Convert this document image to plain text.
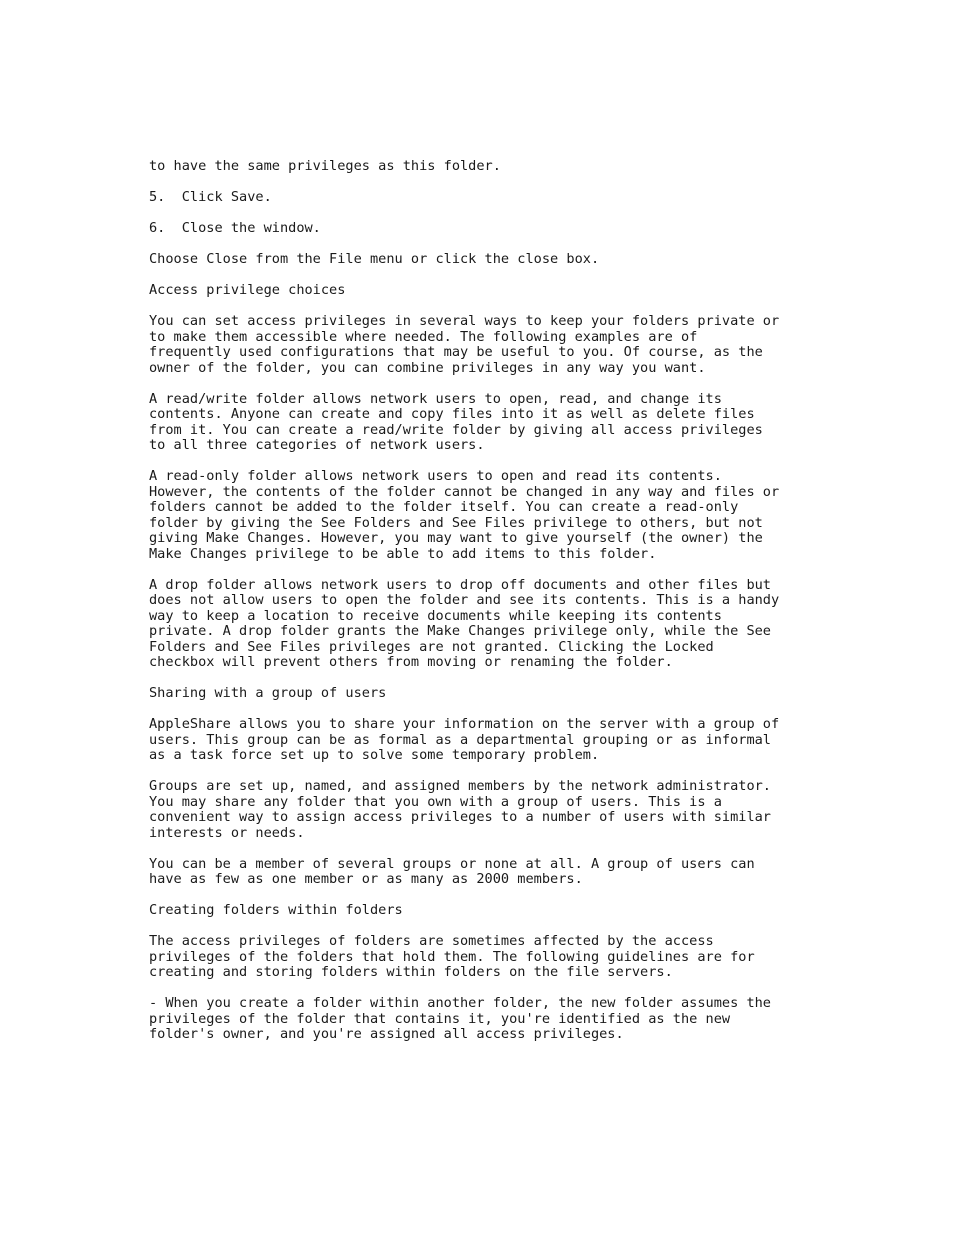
to have the same privileges as this folder.
5.  Click Save.
6.  Close the window.
Choose Close from the File menu or click the close box.
Access privilege choices
You can set access privileges in several ways to keep your folders private or
to make them accessible where needed. The following examples are of
frequently used configurations that may be useful to you. Of course, as the
owner of the folder, you can combine privileges in any way you want.
A read/write folder allows network users to open, read, and change its
contents. Anyone can create and copy files into it as well as delete files
from it. You can create a read/write folder by giving all access privileges
to all three categories of network users.
A read-only folder allows network users to open and read its contents.
However, the contents of the folder cannot be changed in any way and files or
folders cannot be added to the folder itself. You can create a read-only
folder by giving the See Folders and See Files privilege to others, but not
giving Make Changes. However, you may want to give yourself (the owner) the
Make Changes privilege to be able to add items to this folder.
A drop folder allows network users to drop off documents and other files but
does not allow users to open the folder and see its contents. This is a handy
way to keep a location to receive documents while keeping its contents
private. A drop folder grants the Make Changes privilege only, while the See
Folders and See Files privileges are not granted. Clicking the Locked
checkbox will prevent others from moving or renaming the folder.
Sharing with a group of users
AppleShare allows you to share your information on the server with a group of
users. This group can be as formal as a departmental grouping or as informal
as a task force set up to solve some temporary problem.
Groups are set up, named, and assigned members by the network administrator.
You may share any folder that you own with a group of users. This is a
convenient way to assign access privileges to a number of users with similar
interests or needs.
You can be a member of several groups or none at all. A group of users can
have as few as one member or as many as 2000 members.
Creating folders within folders
The access privileges of folders are sometimes affected by the access
privileges of the folders that hold them. The following guidelines are for
creating and storing folders within folders on the file servers.
- When you create a folder within another folder, the new folder assumes the
privileges of the folder that contains it, you're identified as the new
folder's owner, and you're assigned all access privileges.
